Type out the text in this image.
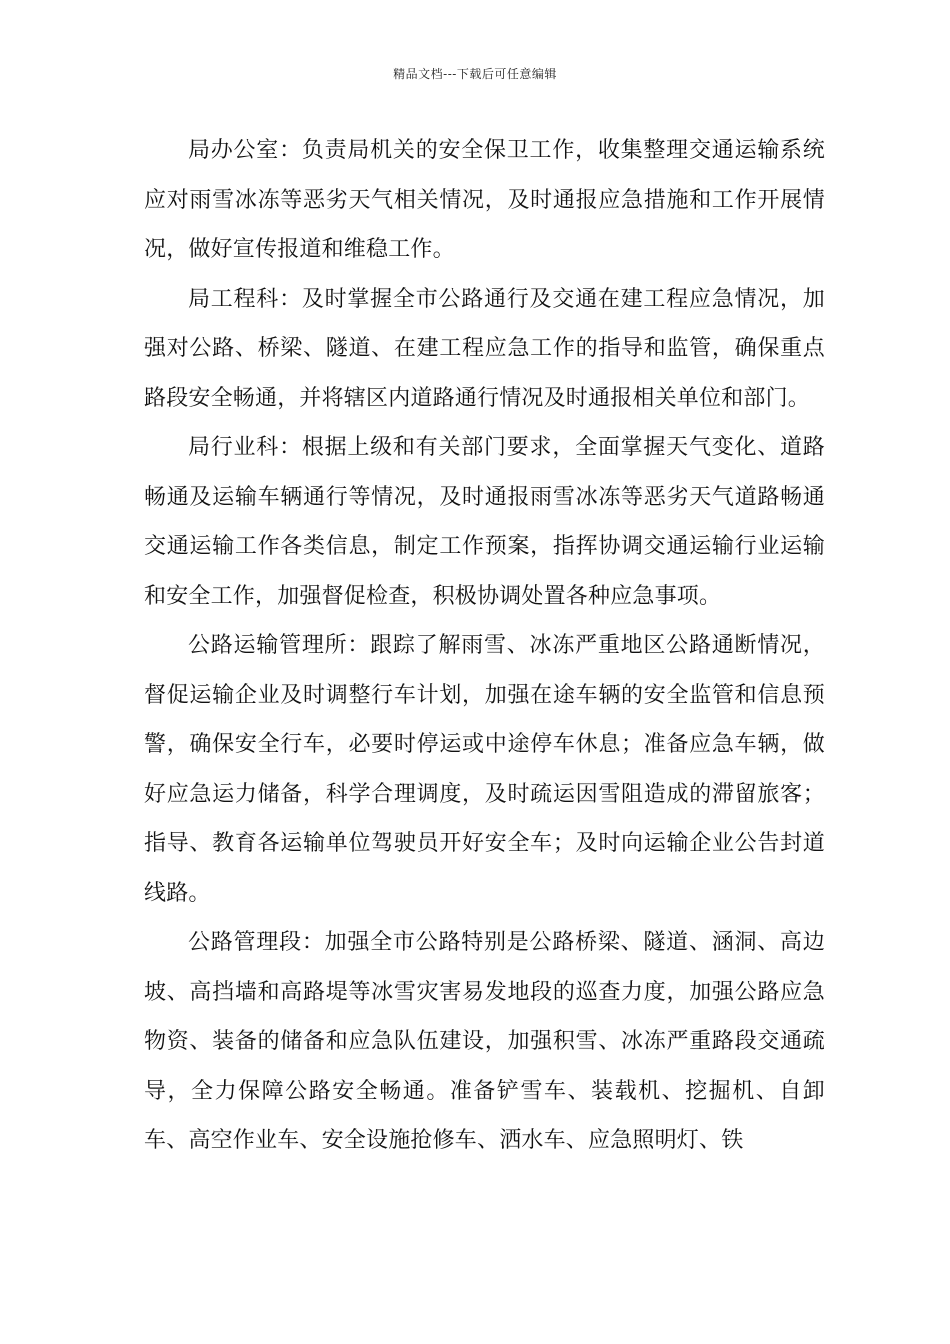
精品文档---下载后可任意编辑

局办公室：负责局机关的安全保卫工作，收集整理交通运输系统应对雨雪冰冻等恶劣天气相关情况，及时通报应急措施和工作开展情况，做好宣传报道和维稳工作。

局工程科：及时掌握全市公路通行及交通在建工程应急情况，加强对公路、桥梁、隧道、在建工程应急工作的指导和监管，确保重点路段安全畅通，并将辖区内道路通行情况及时通报相关单位和部门。

局行业科：根据上级和有关部门要求，全面掌握天气变化、道路畅通及运输车辆通行等情况，及时通报雨雪冰冻等恶劣天气道路畅通交通运输工作各类信息，制定工作预案，指挥协调交通运输行业运输和安全工作，加强督促检查，积极协调处置各种应急事项。

公路运输管理所：跟踪了解雨雪、冰冻严重地区公路通断情况，督促运输企业及时调整行车计划，加强在途车辆的安全监管和信息预警，确保安全行车，必要时停运或中途停车休息；准备应急车辆，做好应急运力储备，科学合理调度，及时疏运因雪阻造成的滞留旅客；指导、教育各运输单位驾驶员开好安全车；及时向运输企业公告封道线路。

公路管理段：加强全市公路特别是公路桥梁、隧道、涵洞、高边坡、高挡墙和高路堤等冰雪灾害易发地段的巡查力度，加强公路应急物资、装备的储备和应急队伍建设，加强积雪、冰冻严重路段交通疏导，全力保障公路安全畅通。准备铲雪车、装载机、挖掘机、自卸车、高空作业车、安全设施抢修车、洒水车、应急照明灯、铁
